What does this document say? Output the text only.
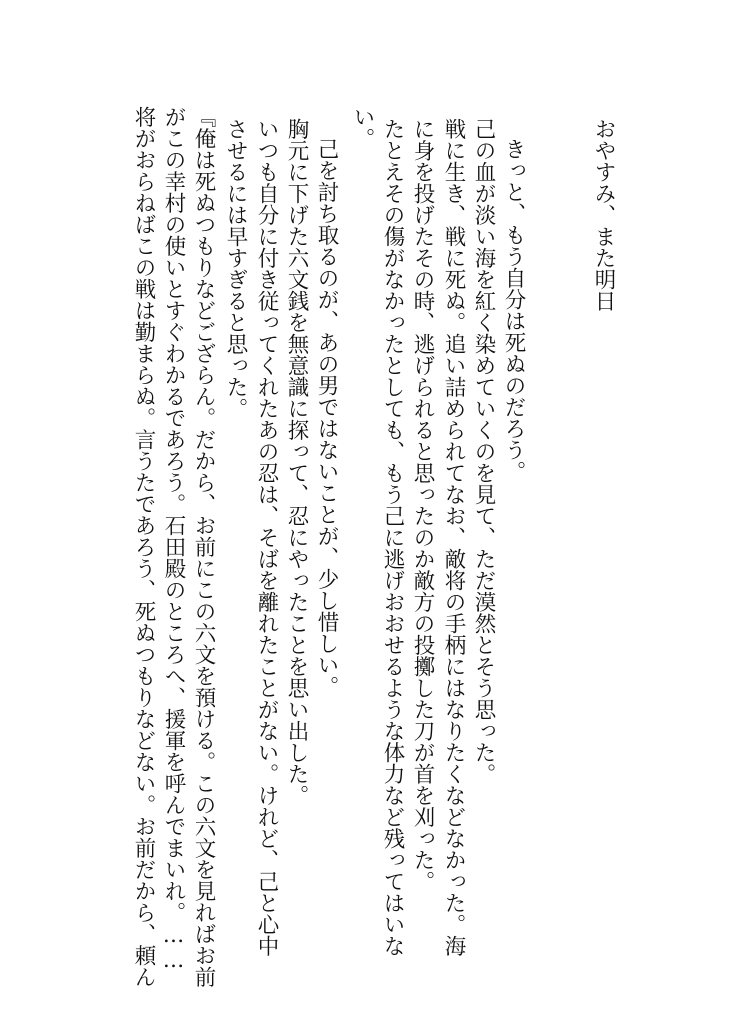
おやすみ、また明日
きっと、もう自分は死ぬのだろう。
己の血が淡い海を紅く染めていくのを見て、ただ漠然とそう思った。
戦に生き、戦に死ぬ。追い詰められてなお、敵将の手柄にはなりたくなどなかった。海
に身を投げたその時、逃げられると思ったのか敵方の投擲した刀が首を刈った。
たとえその傷がなかったとしても、もう己に逃げおおせるような体力など残ってはいな
い。
己を討ち取るのが、あの男ではないことが、少し惜しい。
胸元に下げた六文銭を無意識に探って、忍にやったことを思い出した。
いつも自分に付き従ってくれたあの忍は、そばを離れたことがない。けれど、己と心中
させるには早すぎると思った。
『俺は死ぬつもりなどござらん。だから、お前にこの六文を預ける。この六文を見ればお前
がこの幸村の使いとすぐわかるであろう。石田殿のところへ、援軍を呼んでまいれ。……
将がおらねばこの戦は勤まらぬ。言うたであろう、死ぬつもりなどない。お前だから、頼ん
